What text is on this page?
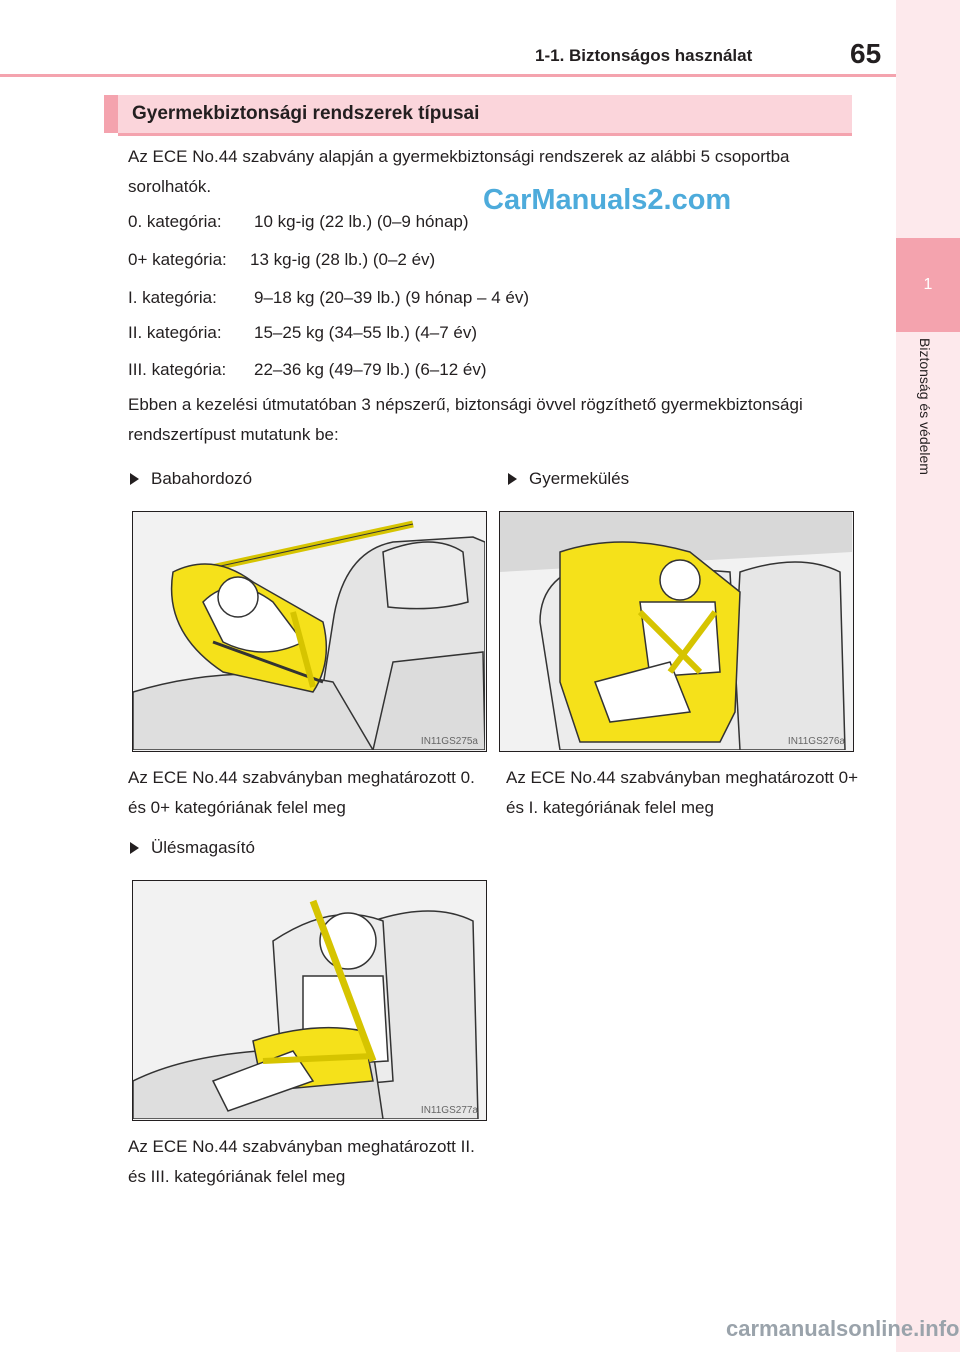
1-1. Biztonságos használat	65
1
Biztonság és védelem
Gyermekbiztonsági rendszerek típusai
Az ECE No.44 szabvány alapján a gyermekbiztonsági rendszerek az alábbi 5 csoportba sorolhatók.
0. kategória: 10 kg-ig (22 lb.) (0–9 hónap)
0+ kategória: 13 kg-ig (28 lb.) (0–2 év)
I. kategória: 9–18 kg (20–39 lb.) (9 hónap – 4 év)
II. kategória: 15–25 kg (34–55 lb.) (4–7 év)
III. kategória: 22–36 kg (49–79 lb.) (6–12 év)
Ebben a kezelési útmutatóban 3 népszerű, biztonsági övvel rögzíthető gyermekbiztonsági rendszertípust mutatunk be:
Babahordozó	Gyermekülés
IN11GS275a	IN11GS276a
Az ECE No.44 szabványban meghatározott 0. és 0+ kategóriának felel meg
Az ECE No.44 szabványban meghatározott 0+ és I. kategóriának felel meg
Ülésmagasító
IN11GS277a
Az ECE No.44 szabványban meghatározott II. és III. kategóriának felel meg
CarManuals2.com
carmanualsonline.info
